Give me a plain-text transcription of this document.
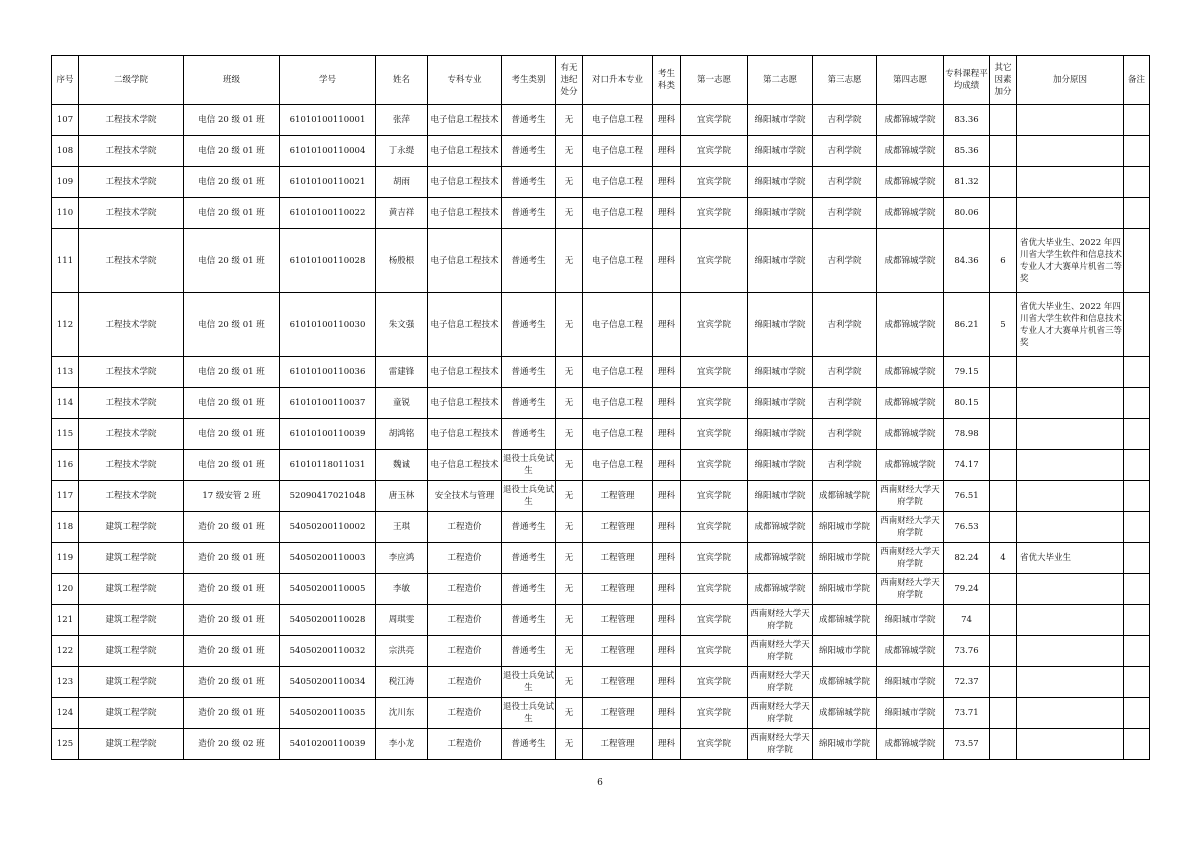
序号	二级学院	班级	学号	姓名	专科专业	考生类别	有无违纪处分	对口升本专业	考生科类	第一志愿	第二志愿	第三志愿	第四志愿	专科课程平均成绩	其它因素加分	加分原因	备注
107	工程技术学院	电信 20 级 01 班	61010100110001	张萍	电子信息工程技术	普通考生	无	电子信息工程	理科	宜宾学院	绵阳城市学院	吉利学院	成都锦城学院	83.36			
108	工程技术学院	电信 20 级 01 班	61010100110004	丁永缇	电子信息工程技术	普通考生	无	电子信息工程	理科	宜宾学院	绵阳城市学院	吉利学院	成都锦城学院	85.36			
109	工程技术学院	电信 20 级 01 班	61010100110021	胡雨	电子信息工程技术	普通考生	无	电子信息工程	理科	宜宾学院	绵阳城市学院	吉利学院	成都锦城学院	81.32			
110	工程技术学院	电信 20 级 01 班	61010100110022	黄吉祥	电子信息工程技术	普通考生	无	电子信息工程	理科	宜宾学院	绵阳城市学院	吉利学院	成都锦城学院	80.06			
111	工程技术学院	电信 20 级 01 班	61010100110028	杨殷根	电子信息工程技术	普通考生	无	电子信息工程	理科	宜宾学院	绵阳城市学院	吉利学院	成都锦城学院	84.36	6	省优大毕业生、2022 年四川省大学生软件和信息技术专业人才大赛单片机省二等奖	
112	工程技术学院	电信 20 级 01 班	61010100110030	朱文强	电子信息工程技术	普通考生	无	电子信息工程	理科	宜宾学院	绵阳城市学院	吉利学院	成都锦城学院	86.21	5	省优大毕业生、2022 年四川省大学生软件和信息技术专业人才大赛单片机省三等奖	
113	工程技术学院	电信 20 级 01 班	61010100110036	雷建锋	电子信息工程技术	普通考生	无	电子信息工程	理科	宜宾学院	绵阳城市学院	吉利学院	成都锦城学院	79.15			
114	工程技术学院	电信 20 级 01 班	61010100110037	童锐	电子信息工程技术	普通考生	无	电子信息工程	理科	宜宾学院	绵阳城市学院	吉利学院	成都锦城学院	80.15			
115	工程技术学院	电信 20 级 01 班	61010100110039	胡鸿铭	电子信息工程技术	普通考生	无	电子信息工程	理科	宜宾学院	绵阳城市学院	吉利学院	成都锦城学院	78.98			
116	工程技术学院	电信 20 级 01 班	61010118011031	魏诚	电子信息工程技术	退役士兵免试生	无	电子信息工程	理科	宜宾学院	绵阳城市学院	吉利学院	成都锦城学院	74.17			
117	工程技术学院	17 级安管 2 班	52090417021048	唐玉林	安全技术与管理	退役士兵免试生	无	工程管理	理科	宜宾学院	绵阳城市学院	成都锦城学院	西南财经大学天府学院	76.51			
118	建筑工程学院	造价 20 级 01 班	54050200110002	王琪	工程造价	普通考生	无	工程管理	理科	宜宾学院	成都锦城学院	绵阳城市学院	西南财经大学天府学院	76.53			
119	建筑工程学院	造价 20 级 01 班	54050200110003	李应鸿	工程造价	普通考生	无	工程管理	理科	宜宾学院	成都锦城学院	绵阳城市学院	西南财经大学天府学院	82.24	4	省优大毕业生	
120	建筑工程学院	造价 20 级 01 班	54050200110005	李敏	工程造价	普通考生	无	工程管理	理科	宜宾学院	成都锦城学院	绵阳城市学院	西南财经大学天府学院	79.24			
121	建筑工程学院	造价 20 级 01 班	54050200110028	周琪雯	工程造价	普通考生	无	工程管理	理科	宜宾学院	西南财经大学天府学院	成都锦城学院	绵阳城市学院	74			
122	建筑工程学院	造价 20 级 01 班	54050200110032	宗洪亮	工程造价	普通考生	无	工程管理	理科	宜宾学院	西南财经大学天府学院	绵阳城市学院	成都锦城学院	73.76			
123	建筑工程学院	造价 20 级 01 班	54050200110034	税江涛	工程造价	退役士兵免试生	无	工程管理	理科	宜宾学院	西南财经大学天府学院	成都锦城学院	绵阳城市学院	72.37			
124	建筑工程学院	造价 20 级 01 班	54050200110035	沈川东	工程造价	退役士兵免试生	无	工程管理	理科	宜宾学院	西南财经大学天府学院	成都锦城学院	绵阳城市学院	73.71			
125	建筑工程学院	造价 20 级 02 班	54010200110039	李小龙	工程造价	普通考生	无	工程管理	理科	宜宾学院	西南财经大学天府学院	绵阳城市学院	成都锦城学院	73.57			
6
